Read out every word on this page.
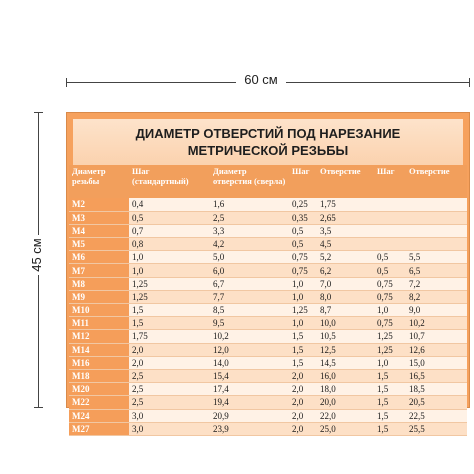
60 см
45 см
ДИАМЕТР ОТВЕРСТИЙ ПОД НАРЕЗАНИЕ
МЕТРИЧЕСКОЙ РЕЗЬБЫ
Диаметр резьбы	Шаг (стандартный)	Диаметр отверстия (сверла)	Шаг	Отверстие	Шаг	Отверстие
M2	0,4	1,6	0,25	1,75		
M3	0,5	2,5	0,35	2,65		
M4	0,7	3,3	0,5	3,5		
M5	0,8	4,2	0,5	4,5		
M6	1,0	5,0	0,75	5,2	0,5	5,5
M7	1,0	6,0	0,75	6,2	0,5	6,5
M8	1,25	6,7	1,0	7,0	0,75	7,2
M9	1,25	7,7	1,0	8,0	0,75	8,2
M10	1,5	8,5	1,25	8,7	1,0	9,0
M11	1,5	9,5	1,0	10,0	0,75	10,2
M12	1,75	10,2	1,5	10,5	1,25	10,7
M14	2,0	12,0	1,5	12,5	1,25	12,6
M16	2,0	14,0	1,5	14,5	1,0	15,0
M18	2,5	15,4	2,0	16,0	1,5	16,5
M20	2,5	17,4	2,0	18,0	1,5	18,5
M22	2,5	19,4	2,0	20,0	1,5	20,5
M24	3,0	20,9	2,0	22,0	1,5	22,5
M27	3,0	23,9	2,0	25,0	1,5	25,5
